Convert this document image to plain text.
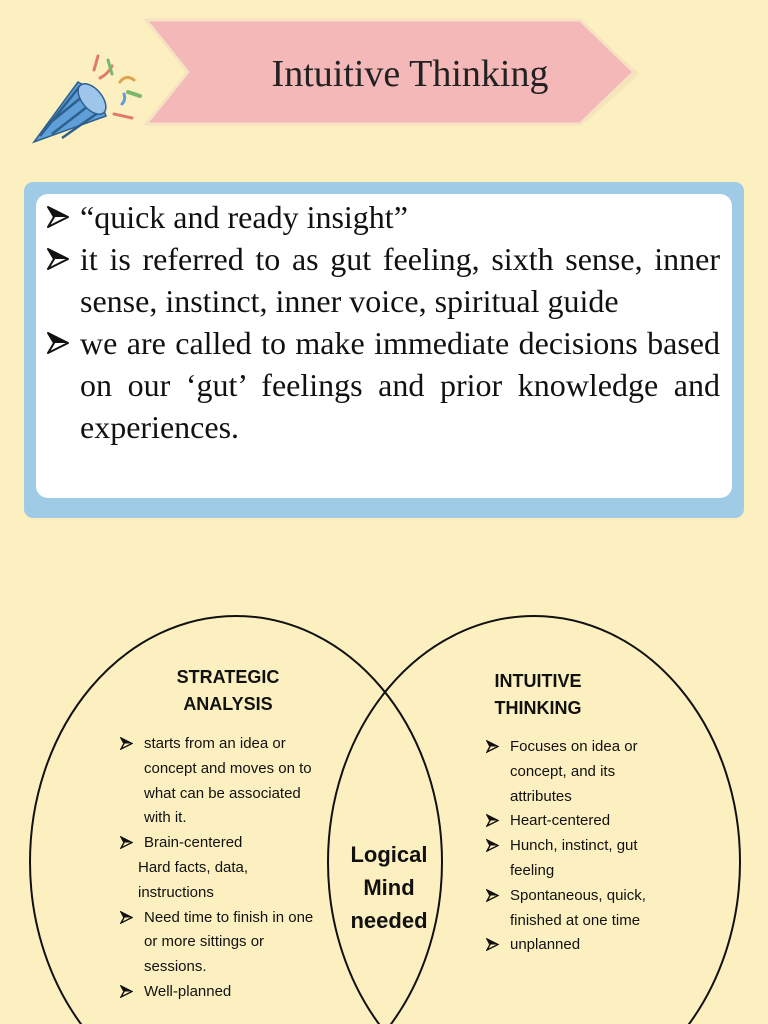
Intuitive Thinking
“quick and ready insight”
it is referred to as gut feeling, sixth sense, inner sense, instinct, inner voice, spiritual guide
we are called to make immediate decisions based on our ‘gut’ feelings and prior knowledge and experiences.
STRATEGIC
ANALYSIS
starts from an idea or concept and moves on to what can be associated with it.
Brain-centered
Hard facts, data, instructions
Need time to finish in one or more sittings or sessions.
Well-planned
Logical
Mind
needed
INTUITIVE
THINKING
Focuses on idea or concept, and its attributes
Heart-centered
Hunch, instinct, gut feeling
Spontaneous, quick, finished at one time
unplanned
